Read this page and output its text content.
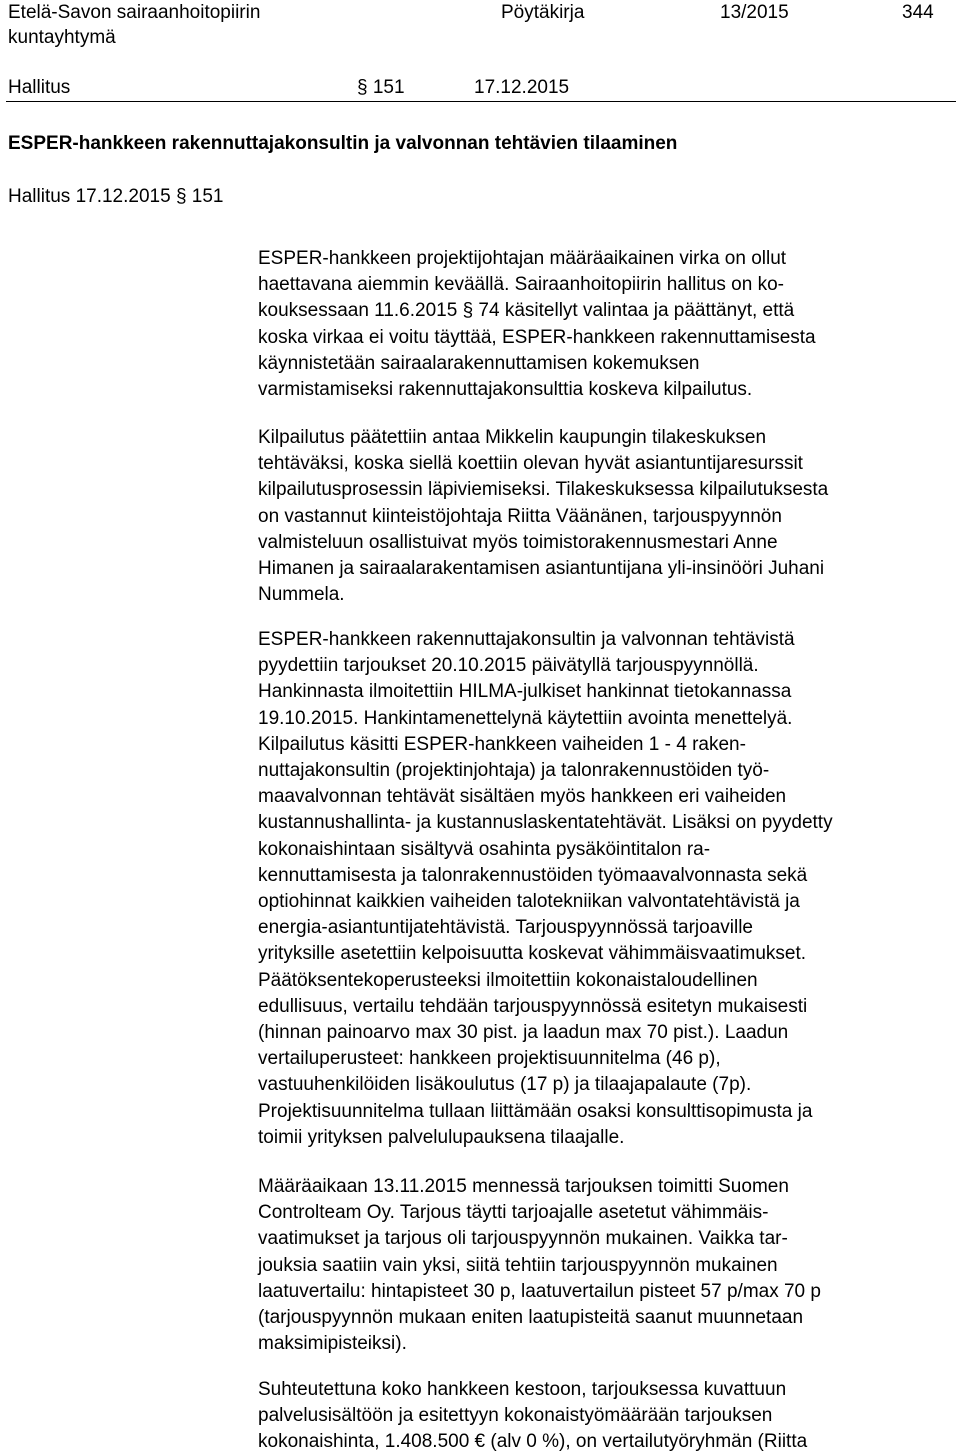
Etelä-Savon sairaanhoitopiirin
kuntayhtymä
Pöytäkirja	13/2015	344
Hallitus	§ 151	17.12.2015
ESPER-hankkeen rakennuttajakonsultin ja valvonnan tehtävien tilaaminen
Hallitus 17.12.2015 § 151
ESPER-hankkeen projektijohtajan määräaikainen virka on ollut
haettavana aiemmin keväällä. Sairaanhoitopiirin hallitus on ko-
kouksessaan 11.6.2015 § 74 käsitellyt valintaa ja päättänyt, että
koska virkaa ei voitu täyttää, ESPER-hankkeen rakennuttamisesta
käynnistetään sairaalarakennuttamisen kokemuksen
varmistamiseksi rakennuttajakonsulttia koskeva kilpailutus.
Kilpailutus päätettiin antaa Mikkelin kaupungin tilakeskuksen
tehtäväksi, koska siellä koettiin olevan hyvät asiantuntijaresurssit
kilpailutusprosessin läpiviemiseksi. Tilakeskuksessa kilpailutuksesta
on vastannut kiinteistöjohtaja Riitta Väänänen, tarjouspyynnön
valmisteluun osallistuivat myös toimistorakennusmestari Anne
Himanen ja sairaalarakentamisen asiantuntijana yli-insinööri Juhani
Nummela.
ESPER-hankkeen rakennuttajakonsultin ja valvonnan tehtävistä
pyydettiin tarjoukset 20.10.2015 päivätyllä tarjouspyynnöllä.
Hankinnasta ilmoitettiin HILMA-julkiset hankinnat tietokannassa
19.10.2015. Hankintamenettelynä käytettiin avointa menettelyä.
Kilpailutus käsitti ESPER-hankkeen vaiheiden 1 - 4 raken-
nuttajakonsultin (projektinjohtaja) ja talonrakennustöiden työ-
maavalvonnan tehtävät sisältäen myös hankkeen eri vaiheiden
kustannushallinta- ja kustannuslaskentatehtävät. Lisäksi on pyydetty
kokonaishintaan sisältyvä osahinta pysäköintitalon ra-
kennuttamisesta ja talonrakennustöiden työmaavalvonnasta sekä
optiohinnat kaikkien vaiheiden talotekniikan valvontatehtävistä ja
energia-asiantuntijatehtävistä. Tarjouspyynnössä tarjoaville
yrityksille asetettiin kelpoisuutta koskevat vähimmäisvaatimukset.
Päätöksentekoperusteeksi ilmoitettiin kokonaistaloudellinen
edullisuus, vertailu tehdään tarjouspyynnössä esitetyn mukaisesti
(hinnan painoarvo max 30 pist. ja laadun max 70 pist.). Laadun
vertailuperusteet: hankkeen projektisuunnitelma (46 p),
vastuuhenkilöiden lisäkoulutus (17 p) ja tilaajapalaute (7p).
Projektisuunnitelma tullaan liittämään osaksi konsulttisopimusta ja
toimii yrityksen palvelulupauksena tilaajalle.
Määräaikaan 13.11.2015 mennessä tarjouksen toimitti Suomen
Controlteam Oy. Tarjous täytti tarjoajalle asetetut vähimmäis-
vaatimukset ja tarjous oli tarjouspyynnön mukainen. Vaikka tar-
jouksia saatiin vain yksi, siitä tehtiin tarjouspyynnön mukainen
laatuvertailu: hintapisteet 30 p, laatuvertailun pisteet 57 p/max 70 p
(tarjouspyynnön mukaan eniten laatupisteitä saanut muunnetaan
maksimipisteiksi).
Suhteutettuna koko hankkeen kestoon, tarjouksessa kuvattuun
palvelusisältöön ja esitettyyn kokonaistyömäärään tarjouksen
kokonaishinta, 1.408.500 € (alv 0 %), on vertailutyöryhmän (Riitta
